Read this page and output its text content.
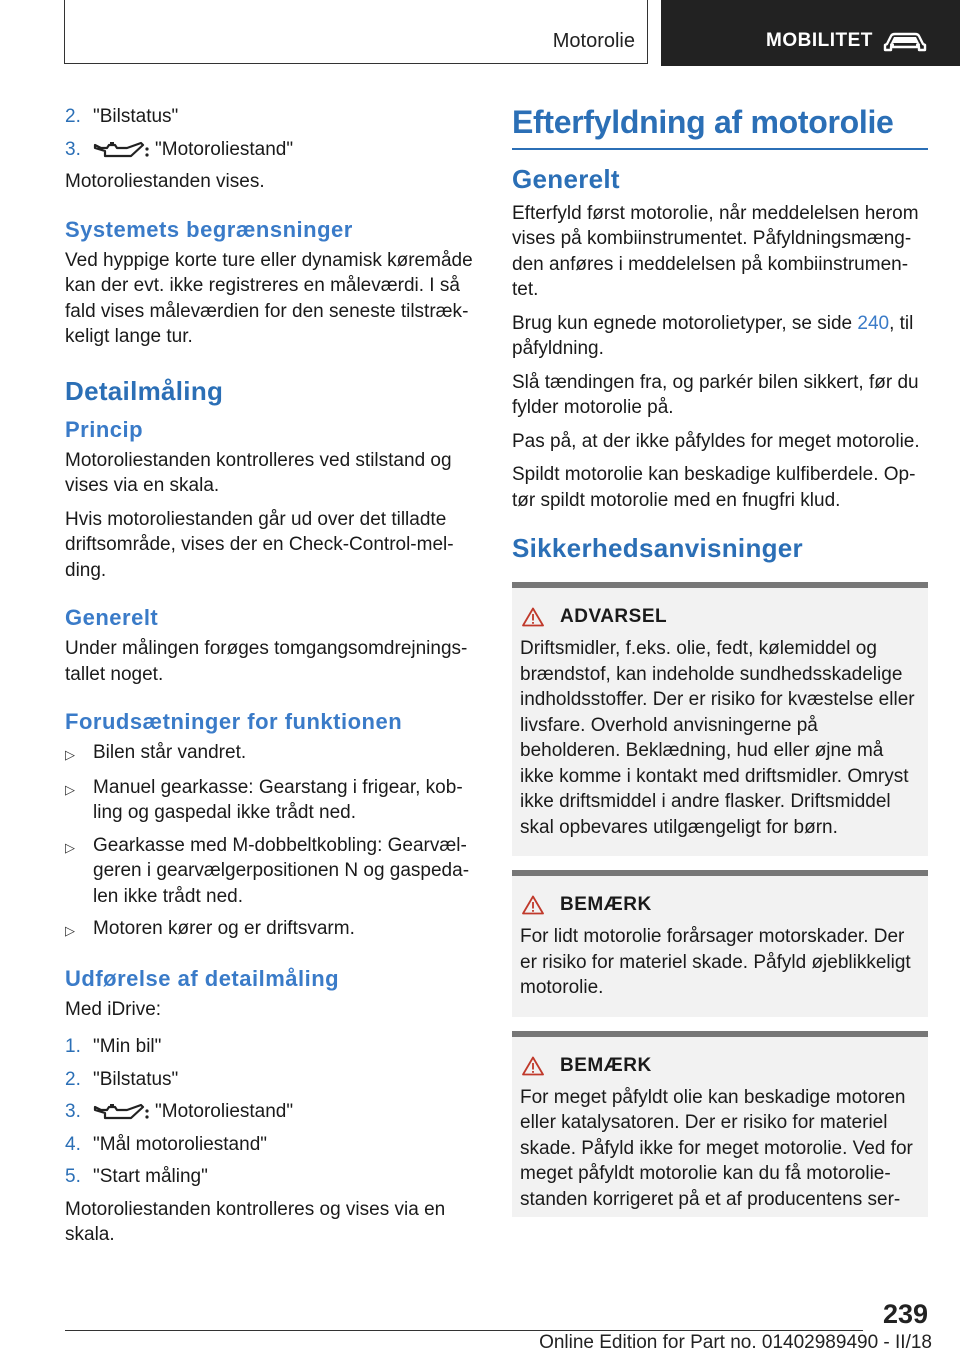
Motorolie	MOBILITET
2. "Bilstatus"
3.	"Motoroliestand"

Motoroliestanden vises.

Systemets begrænsninger

Ved hyppige korte ture eller dynamisk køremåde kan der evt. ikke registreres en måleværdi. I så fald vises måleværdien for den seneste tilstrækkeligt lange tur.

Detailmåling
Princip

Motoroliestanden kontrolleres ved stilstand og vises via en skala.

Hvis motoroliestanden går ud over det tilladte driftsområde, vises der en Check-Control-melding.

Generelt

Under målingen forøges tomgangsomdrejningstallet noget.

Forudsætninger for funktionen
▷ Bilen står vandret.
▷ Manuel gearkasse: Gearstang i frigear, kobling og gaspedal ikke trådt ned.
▷ Gearkasse med M-dobbeltkobling: Gearvælgeren i gearvælgerpositionen N og gaspedalen ikke trådt ned.
▷ Motoren kører og er driftsvarm.
Udførelse af detailmåling

Med iDrive:

1. "Min bil"
2. "Bilstatus"
3.	"Motoroliestand"
4. "Mål motoroliestand"
5. "Start måling"

Motoroliestanden kontrolleres og vises via en skala.

Efterfyldning af motorolie
Generelt

Efterfyld først motorolie, når meddelelsen herom vises på kombiinstrumentet. Påfyldningsmængden anføres i meddelelsen på kombiinstrumentet.

Brug kun egnede motorolietyper, se side 240, til påfyldning.

Slå tændingen fra, og parkér bilen sikkert, før du fylder motorolie på.

Pas på, at der ikke påfyldes for meget motorolie.

Spildt motorolie kan beskadige kulfiberdele. Optør spildt motorolie med en fnugfri klud.

Sikkerhedsanvisninger
ADVARSEL

Driftsmidler, f.eks. olie, fedt, kølemiddel og brændstof, kan indeholde sundhedsskadelige indholdsstoffer. Der er risiko for kvæstelse eller livsfare. Overhold anvisningerne på beholderen. Beklædning, hud eller øjne må ikke komme i kontakt med driftsmidler. Omryst ikke driftsmiddel i andre flasker. Driftsmiddel skal opbevares utilgængeligt for børn.

BEMÆRK

For lidt motorolie forårsager motorskader. Der er risiko for materiel skade. Påfyld øjeblikkeligt motorolie.

BEMÆRK

For meget påfyldt olie kan beskadige motoren eller katalysatoren. Der er risiko for materiel skade. Påfyld ikke for meget motorolie. Ved for meget påfyldt motorolie kan du få motoroliestanden korrigeret på et af producentens ser-

239
Online Edition for Part no. 01402989490 - II/18
